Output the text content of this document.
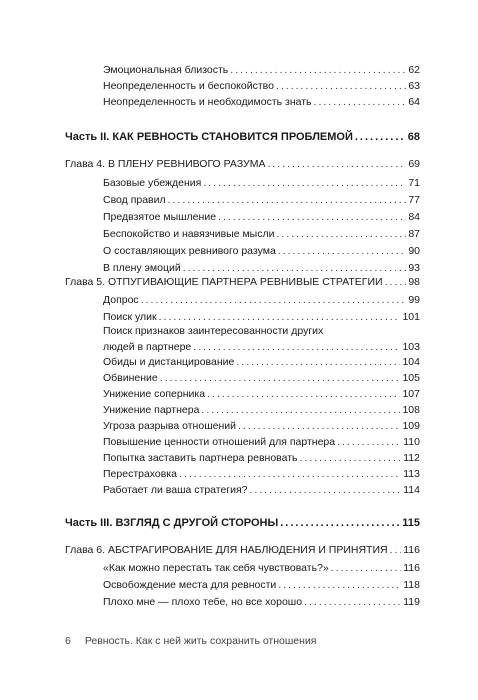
Эмоциональная близость .....	62
Неопределенность и беспокойство .....	63
Неопределенность и необходимость знать .....	64
Часть II. КАК РЕВНОСТЬ СТАНОВИТСЯ ПРОБЛЕМОЙ .....	68
Глава 4. В ПЛЕНУ РЕВНИВОГО РАЗУМА .....	69
Базовые убеждения .....	71
Свод правил .....	77
Предвзятое мышление .....	84
Беспокойство и навязчивые мысли .....	87
О составляющих ревнивого разума .....	90
В плену эмоций .....	93
Глава 5. ОТПУГИВАЮЩИЕ ПАРТНЕРА РЕВНИВЫЕ СТРАТЕГИИ ..... 98
Допрос .....	99
Поиск улик .....	101
Поиск признаков заинтересованности других
людей в партнере .....	103
Обиды и дистанцирование .....	104
Обвинение .....	105
Унижение соперника .....	107
Унижение партнера .....	108
Угроза разрыва отношений .....	109
Повышение ценности отношений для партнера .....	110
Попытка заставить партнера ревновать .....	112
Перестраховка .....	113
Работает ли ваша стратегия? .....	114
Часть III. ВЗГЛЯД С ДРУГОЙ СТОРОНЫ .....	115
Глава 6. АБСТРАГИРОВАНИЕ ДЛЯ НАБЛЮДЕНИЯ И ПРИНЯТИЯ ..... 116
«Как можно перестать так себя чувствовать?» .....	116
Освобождение места для ревности .....	118
Плохо мне — плохо тебе, но все хорошо .....	119
6 Ревность. Как с ней жить сохранить отношения
